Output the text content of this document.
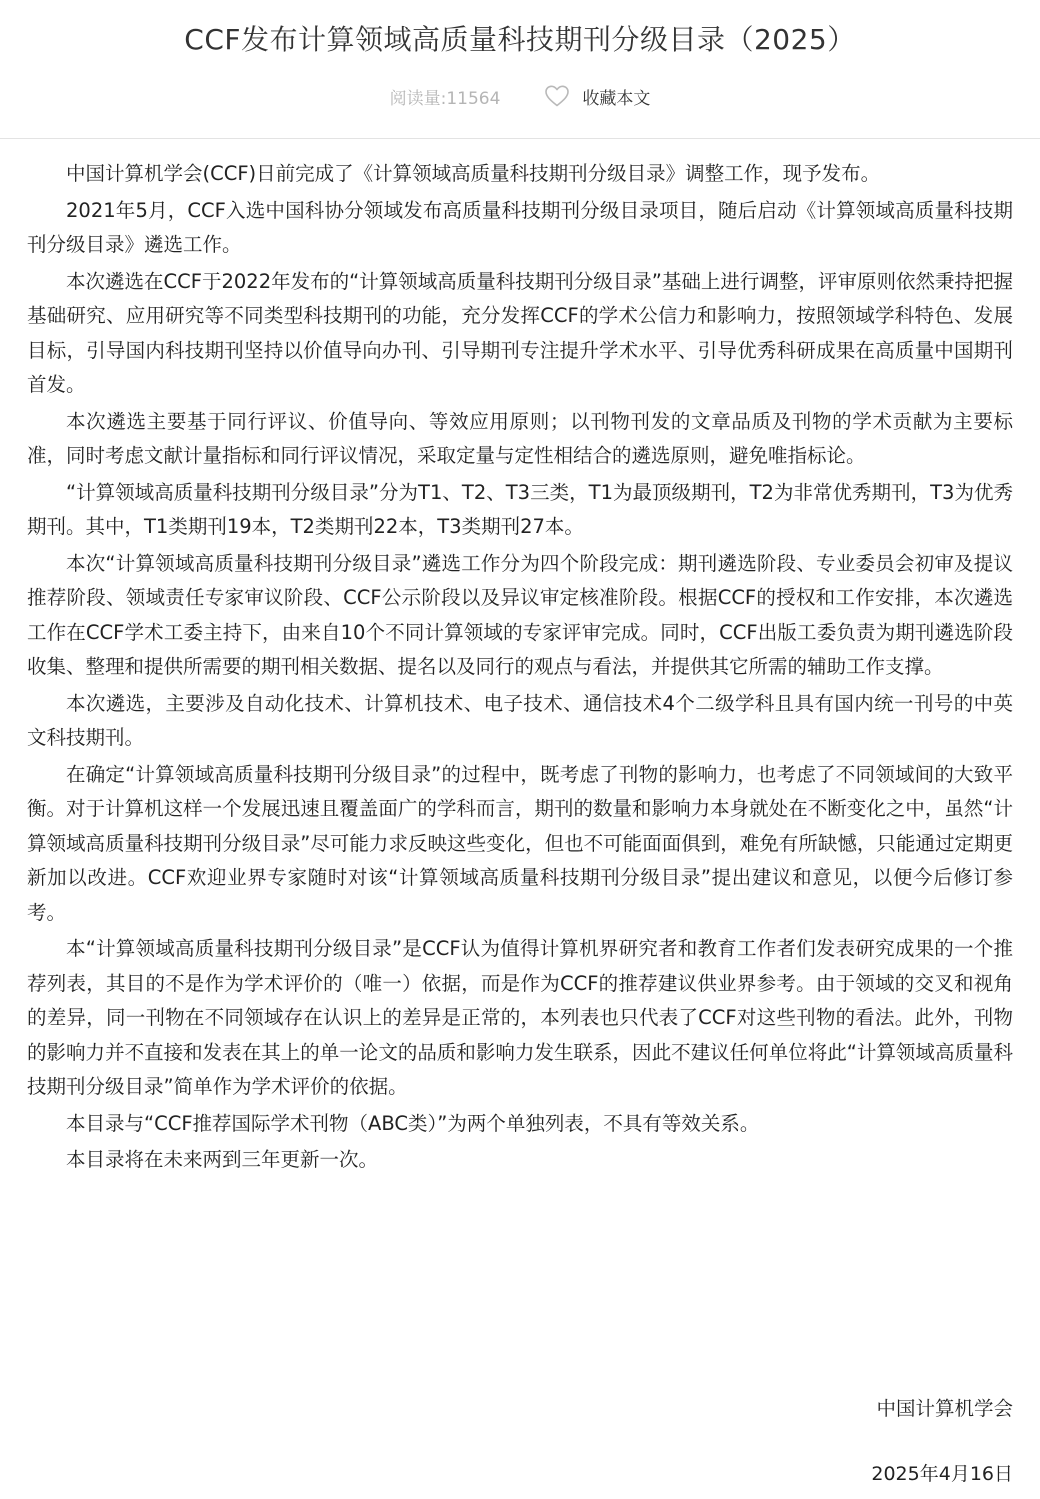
CCF发布计算领域高质量科技期刊分级目录（2025）
阅读量:11564	收藏本文

中国计算机学会(CCF)日前完成了《计算领域高质量科技期刊分级目录》调整工作，现予发布。

2021年5月，CCF入选中国科协分领域发布高质量科技期刊分级目录项目，随后启动《计算领域高质量科技期刊分级目录》遴选工作。

本次遴选在CCF于2022年发布的“计算领域高质量科技期刊分级目录”基础上进行调整，评审原则依然秉持把握基础研究、应用研究等不同类型科技期刊的功能，充分发挥CCF的学术公信力和影响力，按照领域学科特色、发展目标，引导国内科技期刊坚持以价值导向办刊、引导期刊专注提升学术水平、引导优秀科研成果在高质量中国期刊首发。

本次遴选主要基于同行评议、价值导向、等效应用原则；以刊物刊发的文章品质及刊物的学术贡献为主要标准，同时考虑文献计量指标和同行评议情况，采取定量与定性相结合的遴选原则，避免唯指标论。

“计算领域高质量科技期刊分级目录”分为T1、T2、T3三类，T1为最顶级期刊，T2为非常优秀期刊，T3为优秀期刊。其中，T1类期刊19本，T2类期刊22本，T3类期刊27本。

本次“计算领域高质量科技期刊分级目录”遴选工作分为四个阶段完成：期刊遴选阶段、专业委员会初审及提议推荐阶段、领域责任专家审议阶段、CCF公示阶段以及异议审定核准阶段。根据CCF的授权和工作安排，本次遴选工作在CCF学术工委主持下，由来自10个不同计算领域的专家评审完成。同时，CCF出版工委负责为期刊遴选阶段收集、整理和提供所需要的期刊相关数据、提名以及同行的观点与看法，并提供其它所需的辅助工作支撑。

本次遴选，主要涉及自动化技术、计算机技术、电子技术、通信技术4个二级学科且具有国内统一刊号的中英文科技期刊。

在确定“计算领域高质量科技期刊分级目录”的过程中，既考虑了刊物的影响力，也考虑了不同领域间的大致平衡。对于计算机这样一个发展迅速且覆盖面广的学科而言，期刊的数量和影响力本身就处在不断变化之中，虽然“计算领域高质量科技期刊分级目录”尽可能力求反映这些变化，但也不可能面面俱到，难免有所缺憾，只能通过定期更新加以改进。CCF欢迎业界专家随时对该“计算领域高质量科技期刊分级目录”提出建议和意见，以便今后修订参考。

本“计算领域高质量科技期刊分级目录”是CCF认为值得计算机界研究者和教育工作者们发表研究成果的一个推荐列表，其目的不是作为学术评价的（唯一）依据，而是作为CCF的推荐建议供业界参考。由于领域的交叉和视角的差异，同一刊物在不同领域存在认识上的差异是正常的，本列表也只代表了CCF对这些刊物的看法。此外，刊物的影响力并不直接和发表在其上的单一论文的品质和影响力发生联系，因此不建议任何单位将此“计算领域高质量科技期刊分级目录”简单作为学术评价的依据。

本目录与“CCF推荐国际学术刊物（ABC类）”为两个单独列表，不具有等效关系。

本目录将在未来两到三年更新一次。

中国计算机学会
2025年4月16日
